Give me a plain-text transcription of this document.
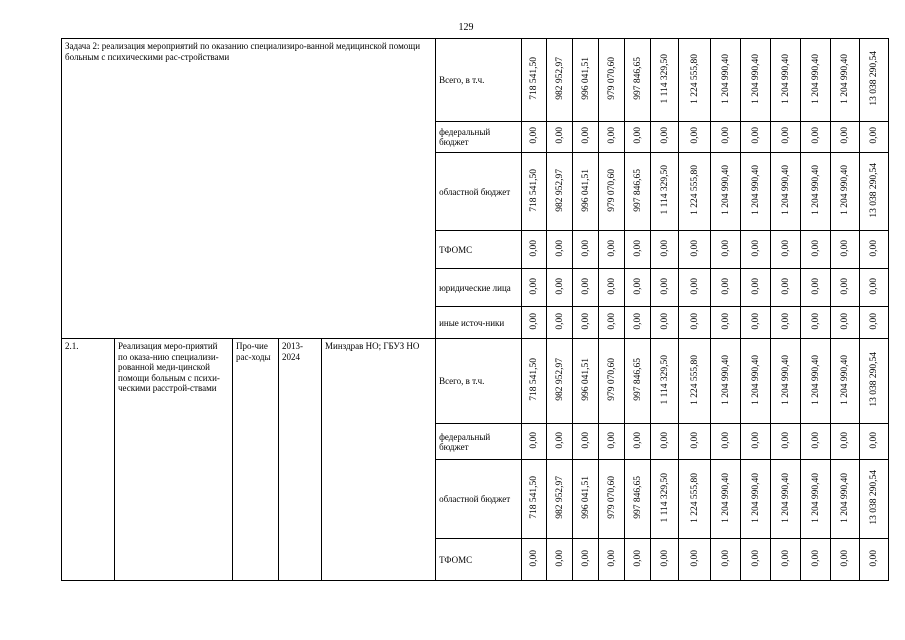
129
Задача 2: реализация мероприятий по оказанию специализиро-ванной медицинской помощи больным с психическими рас-стройствами					Всего, в т.ч.	718 541,50	982 952,97	996 041,51	979 070,60	997 846,65	1 114 329,50	1 224 555,80	1 204 990,40	1 204 990,40	1 204 990,40	1 204 990,40	1 204 990,40	13 038 290,54
					федеральный бюджет	0,00	0,00	0,00	0,00	0,00	0,00	0,00	0,00	0,00	0,00	0,00	0,00	0,00
					областной бюджет	718 541,50	982 952,97	996 041,51	979 070,60	997 846,65	1 114 329,50	1 224 555,80	1 204 990,40	1 204 990,40	1 204 990,40	1 204 990,40	1 204 990,40	13 038 290,54
					ТФОМС	0,00	0,00	0,00	0,00	0,00	0,00	0,00	0,00	0,00	0,00	0,00	0,00	0,00
					юридические лица	0,00	0,00	0,00	0,00	0,00	0,00	0,00	0,00	0,00	0,00	0,00	0,00	0,00
					иные источ-ники	0,00	0,00	0,00	0,00	0,00	0,00	0,00	0,00	0,00	0,00	0,00	0,00	0,00
2.1.	Реализация меро-приятий по оказа-нию специализи-рованной меди-цинской помощи больным с психи-ческими расстрой-ствами	Про-чие рас-ходы	2013-2024	Минздрав НО; ГБУЗ НО	Всего, в т.ч.	718 541,50	982 952,97	996 041,51	979 070,60	997 846,65	1 114 329,50	1 224 555,80	1 204 990,40	1 204 990,40	1 204 990,40	1 204 990,40	1 204 990,40	13 038 290,54
					федеральный бюджет	0,00	0,00	0,00	0,00	0,00	0,00	0,00	0,00	0,00	0,00	0,00	0,00	0,00
					областной бюджет	718 541,50	982 952,97	996 041,51	979 070,60	997 846,65	1 114 329,50	1 224 555,80	1 204 990,40	1 204 990,40	1 204 990,40	1 204 990,40	1 204 990,40	13 038 290,54
					ТФОМС	0,00	0,00	0,00	0,00	0,00	0,00	0,00	0,00	0,00	0,00	0,00	0,00	0,00
